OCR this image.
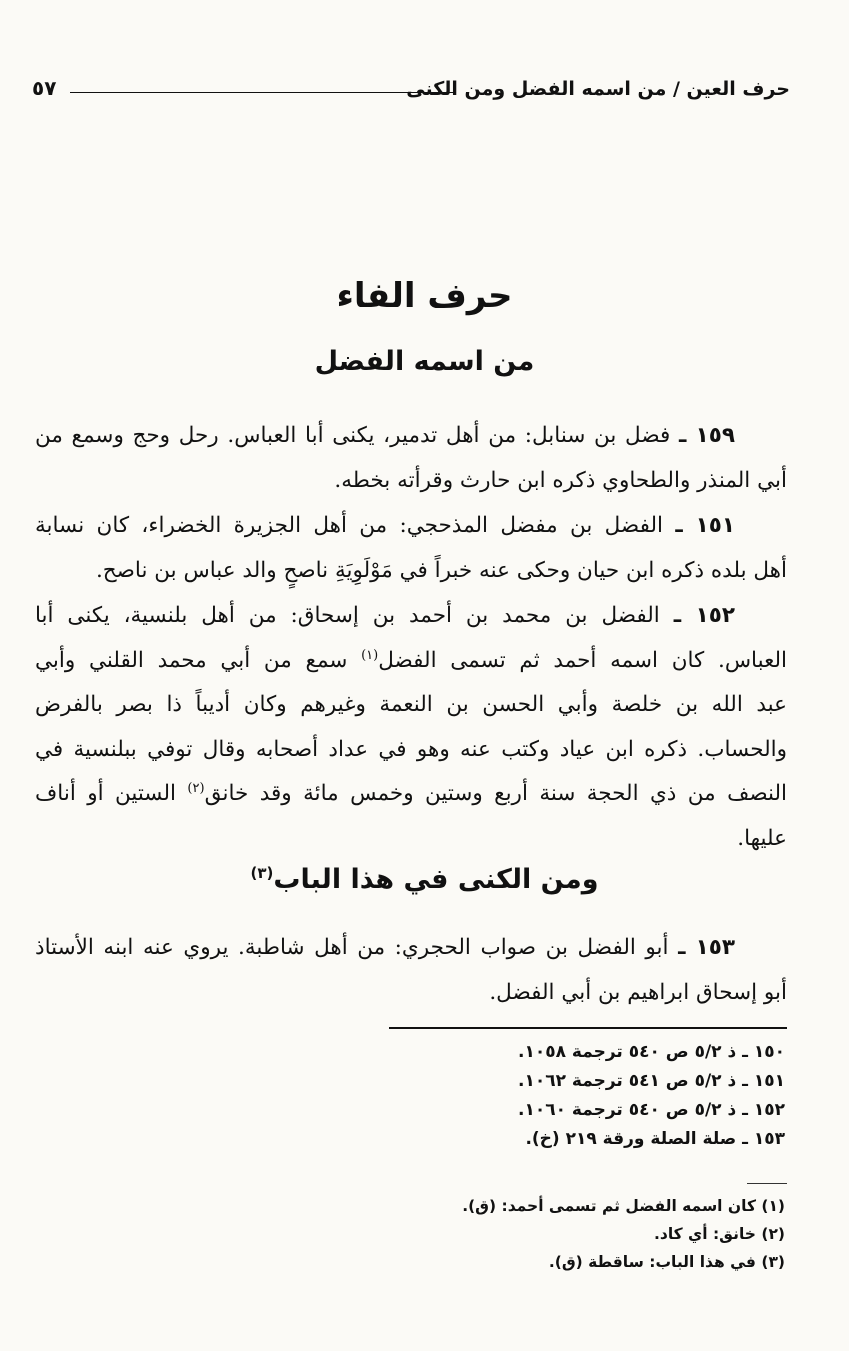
حرف العين / من اسمه الفضل ومن الكنى
٥٧
حرف الفاء
من اسمه الفضل
١٥٩ ـ فضل بن سنابل: من أهل تدمير، يكنى أبا العباس. رحل وحج وسمع من
أبي المنذر والطحاوي ذكره ابن حارث وقرأته بخطه.
١٥١ ـ الفضل بن مفضل المذحجي: من أهل الجزيرة الخضراء، كان نسابة
أهل بلده ذكره ابن حيان وحكى عنه خبراً في مَوْلَوِيَةِ ناصحٍ والد عباس بن ناصح.
١٥٢ ـ الفضل بن محمد بن أحمد بن إسحاق: من أهل بلنسية، يكنى أبا
العباس. كان اسمه أحمد ثم تسمى الفضل$^{(١)}$ سمع من أبي محمد القلني وأبي
عبد الله بن خلصة وأبي الحسن بن النعمة وغيرهم وكان أديباً ذا بصر بالفرض
والحساب. ذكره ابن عياد وكتب عنه وهو في عداد أصحابه وقال توفي ببلنسية في
النصف من ذي الحجة سنة أربع وستين وخمس مائة وقد خانق$^{(٢)}$ الستين أو أناف
عليها.
ومن الكنى في هذا الباب$^{(٣)}$
١٥٣ ـ أبو الفضل بن صواب الحجري: من أهل شاطبة. يروي عنه ابنه الأستاذ
أبو إسحاق ابراهيم بن أبي الفضل.
١٥٠ ـ ذ ٥/٢ ص ٥٤٠ ترجمة ١٠٥٨.
١٥١ ـ ذ ٥/٢ ص ٥٤١ ترجمة ١٠٦٢.
١٥٢ ـ ذ ٥/٢ ص ٥٤٠ ترجمة ١٠٦٠.
١٥٣ ـ صلة الصلة ورقة ٢١٩ (خ).
(١) كان اسمه الفضل ثم تسمى أحمد: (ق).
(٢) خانق: أي كاد.
(٣) في هذا الباب: ساقطة (ق).
